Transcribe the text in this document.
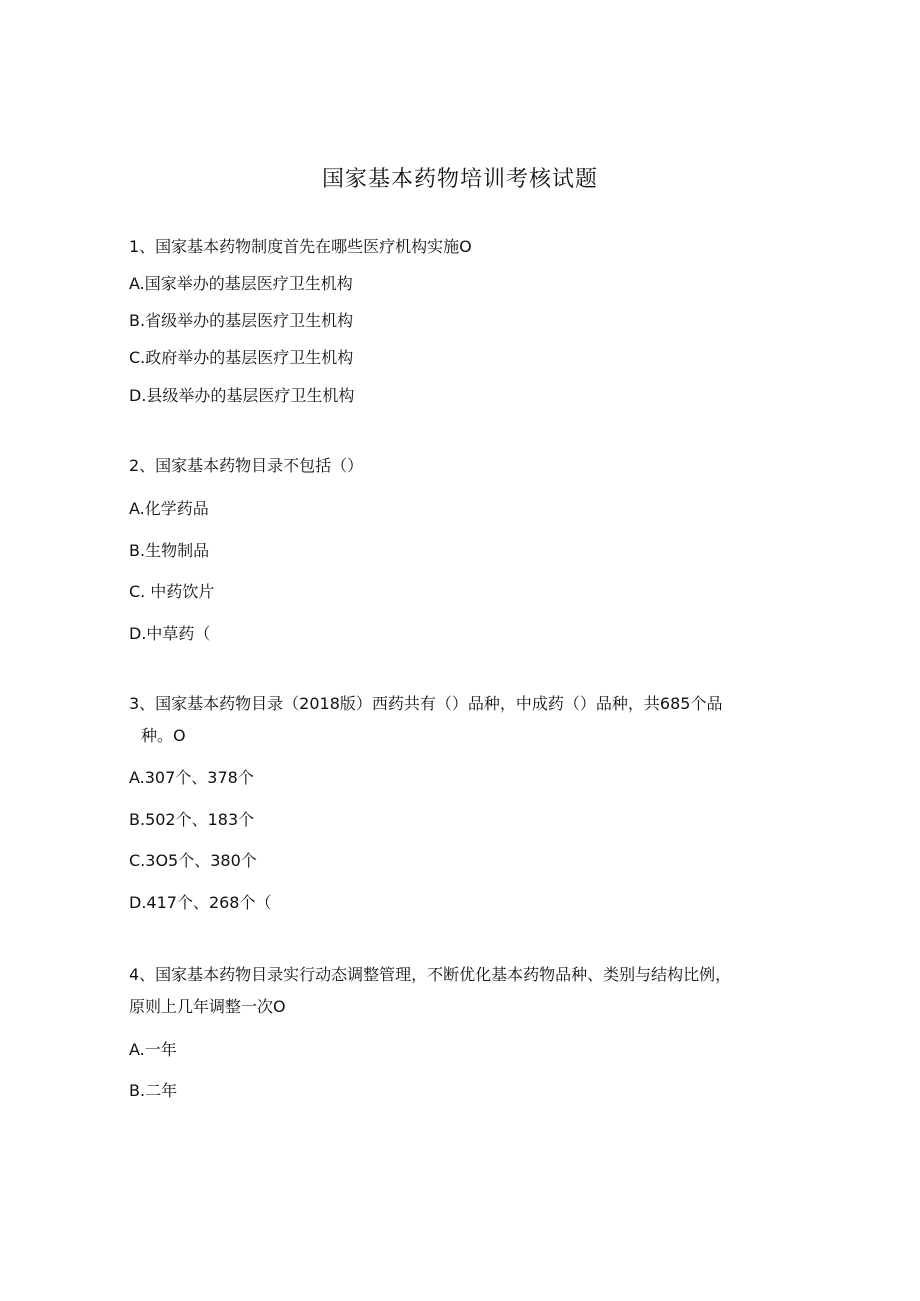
国家基本药物培训考核试题
1、国家基本药物制度首先在哪些医疗机构实施O
A.国家举办的基层医疗卫生机构
B.省级举办的基层医疗卫生机构
C.政府举办的基层医疗卫生机构
D.县级举办的基层医疗卫生机构
2、国家基本药物目录不包括（）
A.化学药品
B.生物制品
C. 中药饮片
D.中草药（
3、国家基本药物目录（2018版）西药共有（）品种，中成药（）品种，共685个品
种。O
A.307个、378个
B.502个、183个
C.3O5个、380个
D.417个、268个（
4、国家基本药物目录实行动态调整管理，不断优化基本药物品种、类别与结构比例，
原则上几年调整一次O
A.一年
B.二年
